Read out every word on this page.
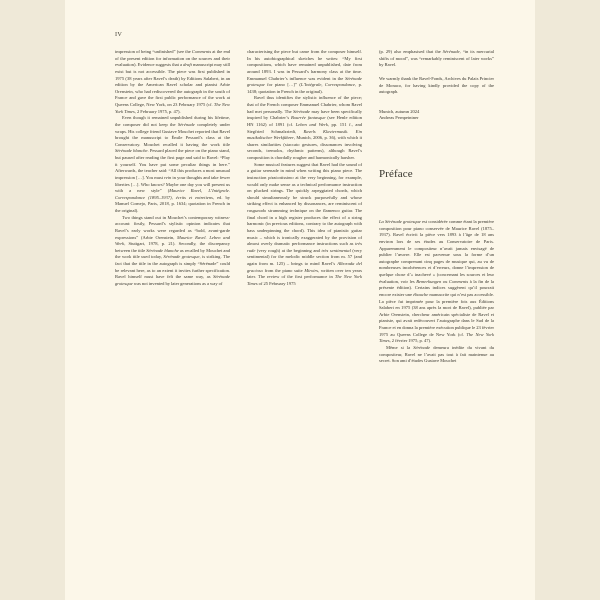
IV

impression of being “unfinished” (see the Comments at the end of the present edition for information on the sources and their evaluation). Evidence suggests that a draft manuscript may still exist but is not accessible. The piece was first published in 1975 (38 years after Ravel’s death) by Editions Salabert, in an edition by the American Ravel scholar and pianist Arbie Orenstein, who had rediscovered the autograph in the south of France and gave the first public performance of the work at Queens College, New York, on 23 February 1975 (cf. The New York Times, 2 February 1975, p. 47).

Even though it remained unpublished during his lifetime, the composer did not keep the Sérénade completely under wraps. His college friend Gustave Mouchet reported that Ravel brought the manuscript to Émile Pessard’s class at the Conservatory. Mouchet recalled it having the work title Sérénade blanche. Pessard placed the piece on the piano stand, but paused after reading the first page and said to Ravel: “Play it yourself. You have put some peculiar things in here.” Afterwards, the teacher said: “All this produces a most unusual impression […]. You must rein in your thoughts and take fewer liberties […]. Who knows? Maybe one day you will present us with a new style” (Maurice Ravel, L’Intégrale. Correspondance (1895–1937), écrits et entretiens, ed. by Manuel Cornejo, Paris, 2018, p. 1634; quotation in French in the original).

Two things stand out in Mouchet’s contemporary witness-account: firstly, Pessard’s stylistic opinion indicates that Ravel’s early works were regarded as “bold, avant-garde expressions” (Arbie Orenstein, Maurice Ravel. Leben and Werk, Stuttgart, 1978, p. 21). Secondly, the discrepancy between the title Sérénade blanche as recalled by Mouchet and the work title used today, Sérénade grotesque, is striking. The fact that the title in the autograph is simply “Sérénade” could be relevant here, as to an extent it invites further specification. Ravel himself must have felt the same way, as Sérénade grotesque was not invented by later generations as a way of

characterising the piece but came from the composer himself. In his autobiographical sketches he writes: “My first compositions, which have remained unpublished, date from around 1893. I was in Pessard’s harmony class at the time. Emmanuel Chabrier’s influence was evident in the Sérénade grotesque for piano […]” (L’Intégrale, Correspondance, p. 1438; quotation in French in the original).

Ravel thus identifies the stylistic influence of the piece; that of the French composer Emmanuel Chabrier, whom Ravel had met personally. The Sérénade may have been specifically inspired by Chabrier’s Bourrée fantasque (see Henle edition HN 1162) of 1891 (cf. Leben and Werk, pp. 151 f., and Siegfried Schmalzriedt, Ravels Klaviermusik. Ein musikalischer Werkführer, Munich, 2006, p. 36), with which it shares similarities (staccato gestures, dissonances involving seconds, tremolos, rhythmic patterns), although Ravel’s composition is chordally rougher and harmonically harsher.

Some musical features suggest that Ravel had the sound of a guitar serenade in mind when writing this piano piece. The instruction pizzicatissimo at the very beginning, for example, would only make sense as a technical performance instruction on plucked strings. The quickly arpeggiated chords, which should simultaneously be struck purposefully and whose striking effect is enhanced by dissonances, are reminiscent of rasgueado strumming technique on the flamenco guitar. The final chord in a high register produces the effect of a string harmonic (in previous editions, contrary to the autograph with bass underpinning the chord). This idea of pianistic guitar music – which is ironically exaggerated by the provision of almost overly dramatic performance instructions such as très rude (very rough) at the beginning and très sentimental (very sentimental) for the melodic middle section from m. 57 (and again from m. 125) – brings to mind Ravel’s Alborada del gracioso from the piano suite Miroirs, written over ten years later. The review of the first performance in The New York Times of 25 February 1975

(p. 29) also emphasised that the Sérénade, “in its mercurial shifts of mood”, was “remarkably reminiscent of later works” by Ravel.

We warmly thank the Ravel-Fonds, Archives du Palais Princier de Monaco, for having kindly provided the copy of the autograph.

Munich, autumn 2024

Andreas Pernpeintner

Préface

La Sérénade grotesque est considérée comme étant la première composition pour piano conservée de Maurice Ravel (1875–1937). Ravel écrivit la pièce vers 1893 à l’âge de 18 ans environ lors de ses études au Conservatoire de Paris. Apparemment le compositeur n’avait jamais envisagé de publier l’œuvre. Elle est parvenue sous la forme d’un autographe comprenant cinq pages de musique qui, au vu de nombreuses incohérences et d’erreurs, donne l’impression de quelque chose d’« inachevé » (concernant les sources et leur évaluation, voir les Bemerkungen ou Comments à la fin de la présente édition). Certains indices suggèrent qu’il pourrait encore exister une ébauche manuscrite qui n’est pas accessible. La pièce fut imprimée pour la première fois aux Éditions Salabert en 1975 (38 ans après la mort de Ravel), publiée par Arbie Orenstein, chercheur américain spécialiste de Ravel et pianiste, qui avait redécouvert l’autographe dans le Sud de la France et en donna la première exécution publique le 23 février 1975 au Queens College de New York (cf. The New York Times, 2 février 1975, p. 47).

Même si la Sérénade demeura inédite du vivant du compositeur, Ravel ne l’avait pas tout à fait maintenue au secret. Son ami d’études Gustave Mouchet
